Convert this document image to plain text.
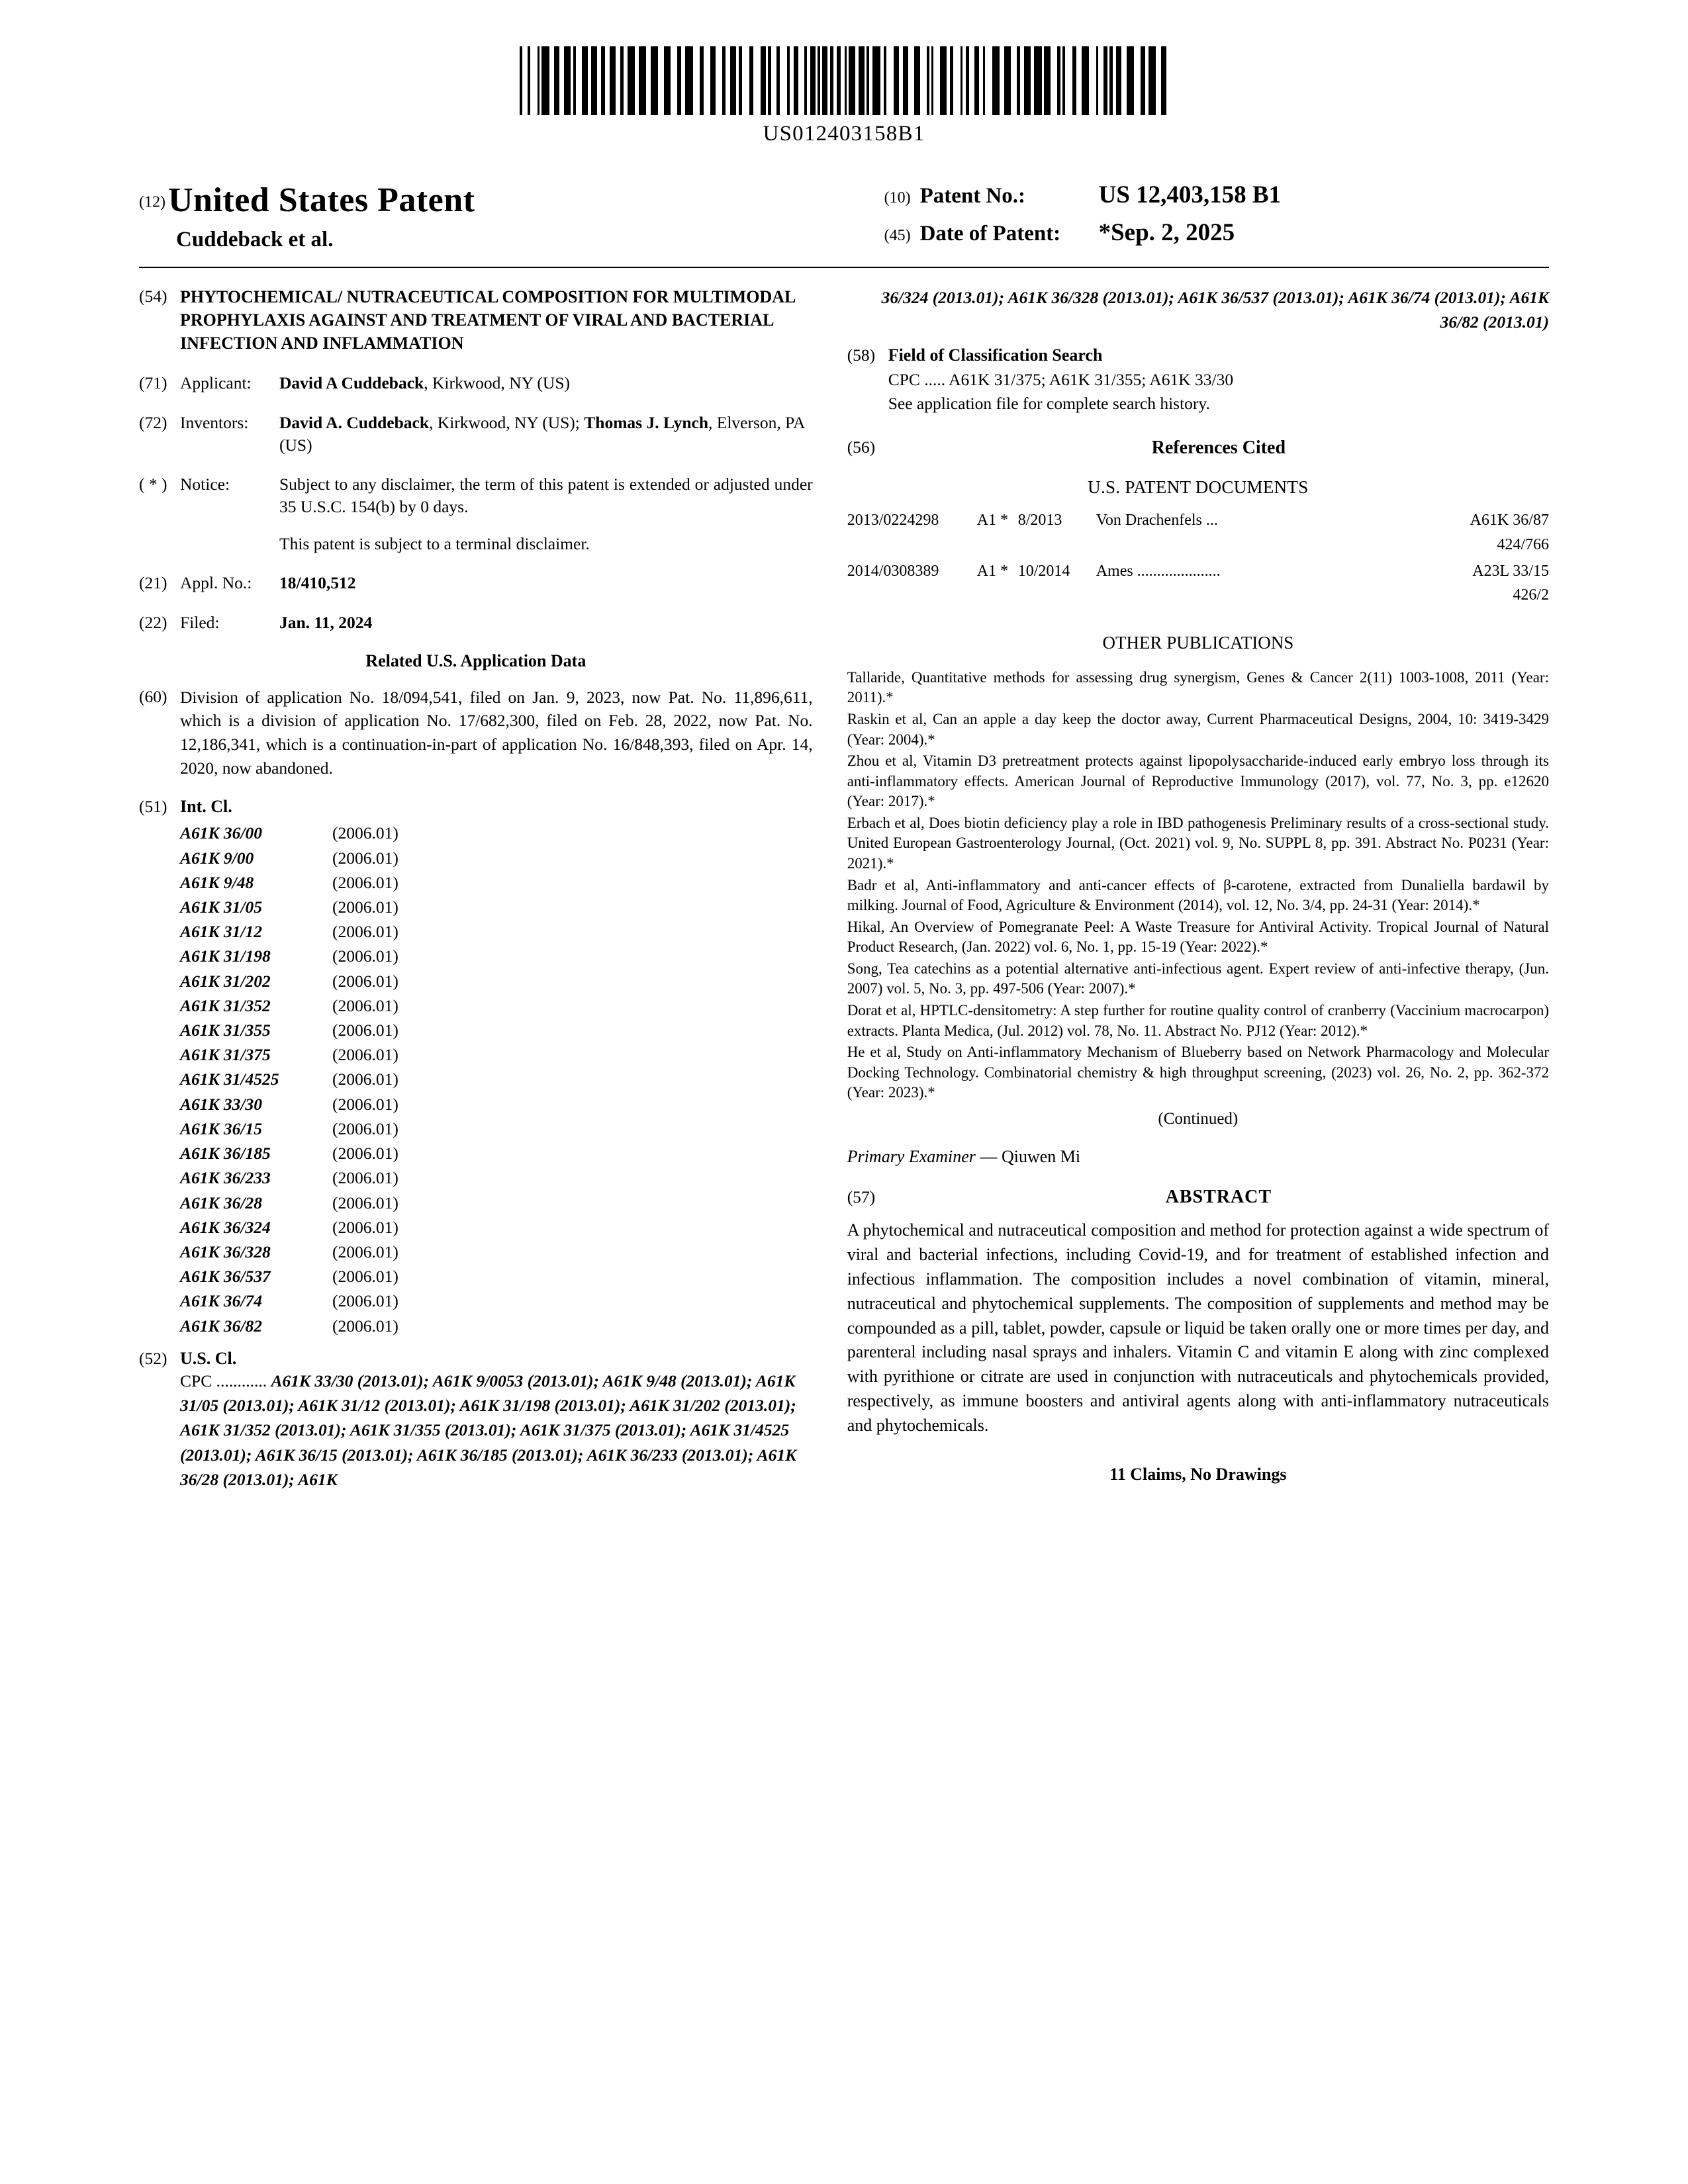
US012403158B1
(12) United States Patent
Cuddeback et al.
(10) Patent No.:	US 12,403,158 B1
(45) Date of Patent:	*Sep. 2, 2025
(54) PHYTOCHEMICAL/ NUTRACEUTICAL COMPOSITION FOR MULTIMODAL PROPHYLAXIS AGAINST AND TREATMENT OF VIRAL AND BACTERIAL INFECTION AND INFLAMMATION
(71) Applicant:	David A Cuddeback, Kirkwood, NY (US)
(72) Inventors:	David A. Cuddeback, Kirkwood, NY (US); Thomas J. Lynch, Elverson, PA (US)
( * ) Notice:	Subject to any disclaimer, the term of this patent is extended or adjusted under 35 U.S.C. 154(b) by 0 days.
This patent is subject to a terminal disclaimer.
(21) Appl. No.:	18/410,512
(22) Filed:	Jan. 11, 2024
Related U.S. Application Data
(60) Division of application No. 18/094,541, filed on Jan. 9, 2023, now Pat. No. 11,896,611, which is a division of application No. 17/682,300, filed on Feb. 28, 2022, now Pat. No. 12,186,341, which is a continuation-in-part of application No. 16/848,393, filed on Apr. 14, 2020, now abandoned.
(51) Int. Cl.
A61K 36/00	(2006.01)
A61K 9/00	(2006.01)
A61K 9/48	(2006.01)
A61K 31/05	(2006.01)
A61K 31/12	(2006.01)
A61K 31/198	(2006.01)
A61K 31/202	(2006.01)
A61K 31/352	(2006.01)
A61K 31/355	(2006.01)
A61K 31/375	(2006.01)
A61K 31/4525	(2006.01)
A61K 33/30	(2006.01)
A61K 36/15	(2006.01)
A61K 36/185	(2006.01)
A61K 36/233	(2006.01)
A61K 36/28	(2006.01)
A61K 36/324	(2006.01)
A61K 36/328	(2006.01)
A61K 36/537	(2006.01)
A61K 36/74	(2006.01)
A61K 36/82	(2006.01)
(52) U.S. Cl.
CPC ............ A61K 33/30 (2013.01); A61K 9/0053 (2013.01); A61K 9/48 (2013.01); A61K 31/05 (2013.01); A61K 31/12 (2013.01); A61K 31/198 (2013.01); A61K 31/202 (2013.01); A61K 31/352 (2013.01); A61K 31/355 (2013.01); A61K 31/375 (2013.01); A61K 31/4525 (2013.01); A61K 36/15 (2013.01); A61K 36/185 (2013.01); A61K 36/233 (2013.01); A61K 36/28 (2013.01); A61K
36/324 (2013.01); A61K 36/328 (2013.01); A61K 36/537 (2013.01); A61K 36/74 (2013.01); A61K 36/82 (2013.01)
(58) Field of Classification Search
CPC ..... A61K 31/375; A61K 31/355; A61K 33/30
See application file for complete search history.
(56)	References Cited
U.S. PATENT DOCUMENTS
2013/0224298	A1 * 8/2013	Von Drachenfels ...	A61K 36/87
424/766
2014/0308389	A1 * 10/2014	Ames .....................	A23L 33/15
426/2
OTHER PUBLICATIONS
Tallaride, Quantitative methods for assessing drug synergism, Genes & Cancer 2(11) 1003-1008, 2011 (Year: 2011).*
Raskin et al, Can an apple a day keep the doctor away, Current Pharmaceutical Designs, 2004, 10: 3419-3429 (Year: 2004).*
Zhou et al, Vitamin D3 pretreatment protects against lipopolysaccharide-induced early embryo loss through its anti-inflammatory effects. American Journal of Reproductive Immunology (2017), vol. 77, No. 3, pp. e12620 (Year: 2017).*
Erbach et al, Does biotin deficiency play a role in IBD pathogenesis Preliminary results of a cross-sectional study. United European Gastroenterology Journal, (Oct. 2021) vol. 9, No. SUPPL 8, pp. 391. Abstract No. P0231 (Year: 2021).*
Badr et al, Anti-inflammatory and anti-cancer effects of β-carotene, extracted from Dunaliella bardawil by milking. Journal of Food, Agriculture & Environment (2014), vol. 12, No. 3/4, pp. 24-31 (Year: 2014).*
Hikal, An Overview of Pomegranate Peel: A Waste Treasure for Antiviral Activity. Tropical Journal of Natural Product Research, (Jan. 2022) vol. 6, No. 1, pp. 15-19 (Year: 2022).*
Song, Tea catechins as a potential alternative anti-infectious agent. Expert review of anti-infective therapy, (Jun. 2007) vol. 5, No. 3, pp. 497-506 (Year: 2007).*
Dorat et al, HPTLC-densitometry: A step further for routine quality control of cranberry (Vaccinium macrocarpon) extracts. Planta Medica, (Jul. 2012) vol. 78, No. 11. Abstract No. PJ12 (Year: 2012).*
He et al, Study on Anti-inflammatory Mechanism of Blueberry based on Network Pharmacology and Molecular Docking Technology. Combinatorial chemistry & high throughput screening, (2023) vol. 26, No. 2, pp. 362-372 (Year: 2023).*
(Continued)
Primary Examiner — Qiuwen Mi
(57)	ABSTRACT
A phytochemical and nutraceutical composition and method for protection against a wide spectrum of viral and bacterial infections, including Covid-19, and for treatment of established infection and infectious inflammation. The composition includes a novel combination of vitamin, mineral, nutraceutical and phytochemical supplements. The composition of supplements and method may be compounded as a pill, tablet, powder, capsule or liquid be taken orally one or more times per day, and parenteral including nasal sprays and inhalers. Vitamin C and vitamin E along with zinc complexed with pyrithione or citrate are used in conjunction with nutraceuticals and phytochemicals provided, respectively, as immune boosters and antiviral agents along with anti-inflammatory nutraceuticals and phytochemicals.
11 Claims, No Drawings
